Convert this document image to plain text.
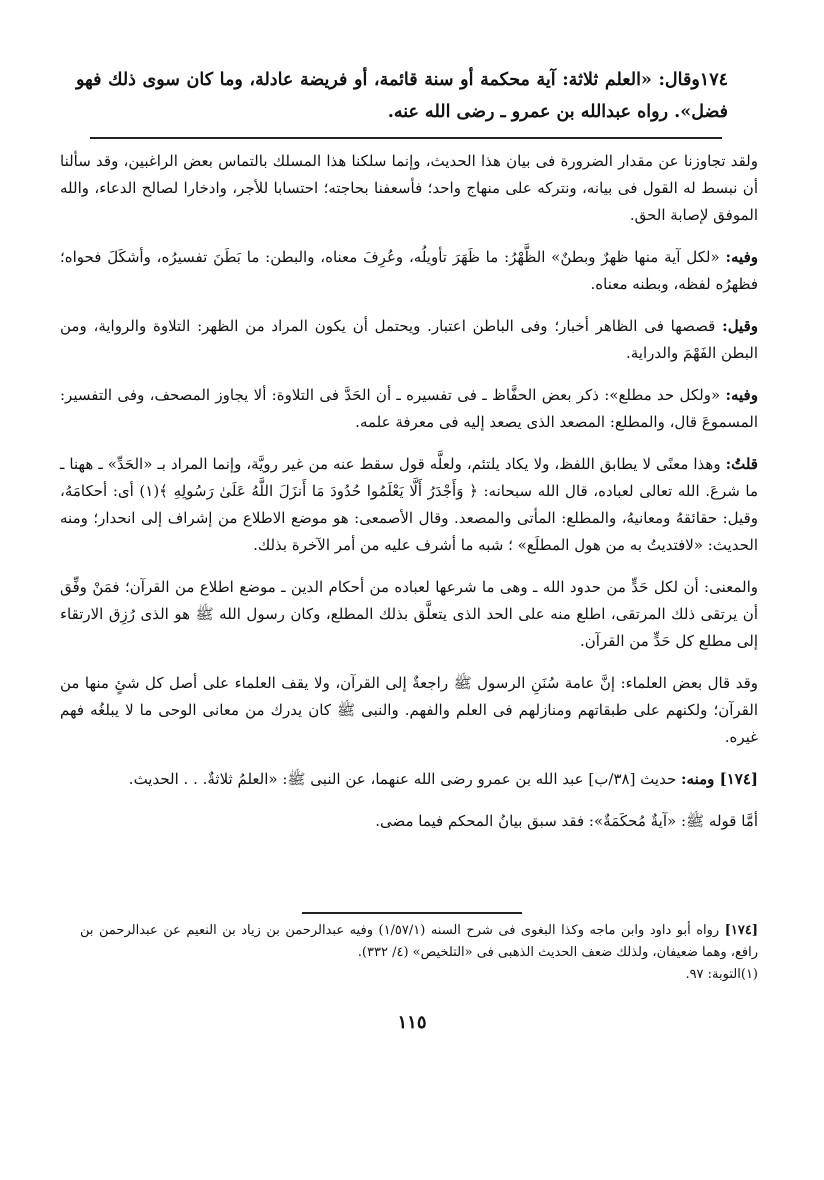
١٧٤وقال: «العلم ثلاثة: آية محكمة أو سنة قائمة، أو فريضة عادلة، وما كان سوى ذلك فهو فضل». رواه عبدالله بن عمرو ـ رضى الله عنه.

ولقد تجاوزنا عن مقدار الضرورة فى بيان هذا الحديث، وإنما سلكنا هذا المسلك بالتماس بعض الراغبين، وقد سألنا أن نبسط له القول فى بيانه، ونتركه على منهاج واحد؛ فأسعفنا بحاجته؛ احتسابا للأجر، وادخارا لصالح الدعاء، والله الموفق لإصابة الحق.

وفيه: «لكل آية منها ظهرٌ وبطنٌ» الظَّهْرُ: ما ظَهَرَ تأويلُه، وعُرِفَ معناه، والبطن: ما بَطَنَ تفسيرُه، وأشكَلَ فحواه؛ فظهرُه لفظه، وبطنه معناه.

وقيل: قصصها فى الظاهر أخبار؛ وفى الباطن اعتبار. ويحتمل أن يكون المراد من الظهر: التلاوة والرواية، ومن البطن الفَهْمَ والدراية.

وفيه: «ولكل حد مطلع»: ذكر بعض الحفَّاظ ـ فى تفسيره ـ أن الحَدَّ فى التلاوة: ألا يجاوز المصحف، وفى التفسير: المسموعَ قال، والمطلع: المصعد الذى يصعد إليه فى معرفة علمه.

قلتُ: وهذا معنًى لا يطابق اللفظ، ولا يكاد يلتئم، ولعلَّه قول سقط عنه من غير رويَّة، وإنما المراد بـ «الحَدِّ» ـ ههنا ـ ما شرعَ. الله تعالى لعباده، قال الله سبحانه: ﴿ وَأَجْدَرُ أَلَّا يَعْلَمُوا حُدُودَ مَا أَنزَلَ اللَّهُ عَلَىٰ رَسُولِهِ ﴾(١) أى: أحكامَهُ، وقيل: حقائقهُ ومعانيهُ، والمطلع: المأتى والمصعد. وقال الأصمعى: هو موضع الاطلاع من إشراف إلى انحدار؛ ومنه الحديث: «لافتديتُ به من هول المطلَع» ؛ شبه ما أشرف عليه من أمر الآخرة بذلك.

والمعنى: أن لكل حَدٍّ من حدود الله ـ وهى ما شرعها لعباده من أحكام الدين ـ موضع اطلاع من القرآن؛ فمَنْ وفِّق أن يرتقى ذلك المرتقى، اطلع منه على الحد الذى يتعلَّق بذلك المطلع، وكان رسول الله ﷺ هو الذى رُزِق الارتقاء إلى مطلع كل حَدٍّ من القرآن.

وقد قال بعض العلماء: إنَّ عامة سُنَنِ الرسول ﷺ راجعةٌ إلى القرآن، ولا يقف العلماء على أصل كل شئٍ منها من القرآن؛ ولكنهم على طبقاتهم ومنازلهم فى العلم والفهم. والنبى ﷺ كان يدرك من معانى الوحى ما لا يبلغُه فهم غيره.

[١٧٤] ومنه: حديث [٣٨/ب] عبد الله بن عمرو رضى الله عنهما، عن النبى ﷺ: «العلمُ ثلاثةٌ. . . الحديث.

أمَّا قوله ﷺ: «آيةٌ مُحكَمَةٌ»: فقد سبق بيانُ المحكم فيما مضى.

[١٧٤] رواه أبو داود وابن ماجه وكذا البغوى فى شرح السنه (١/٥٧/١) وفيه عبدالرحمن بن زياد بن النعيم عن عبدالرحمن بن رافع، وهما ضعيفان، ولذلك ضعف الحديث الذهبى فى «التلخيص» (٤/ ٣٣٢).

(١)التوبة: ٩٧.

١١٥
